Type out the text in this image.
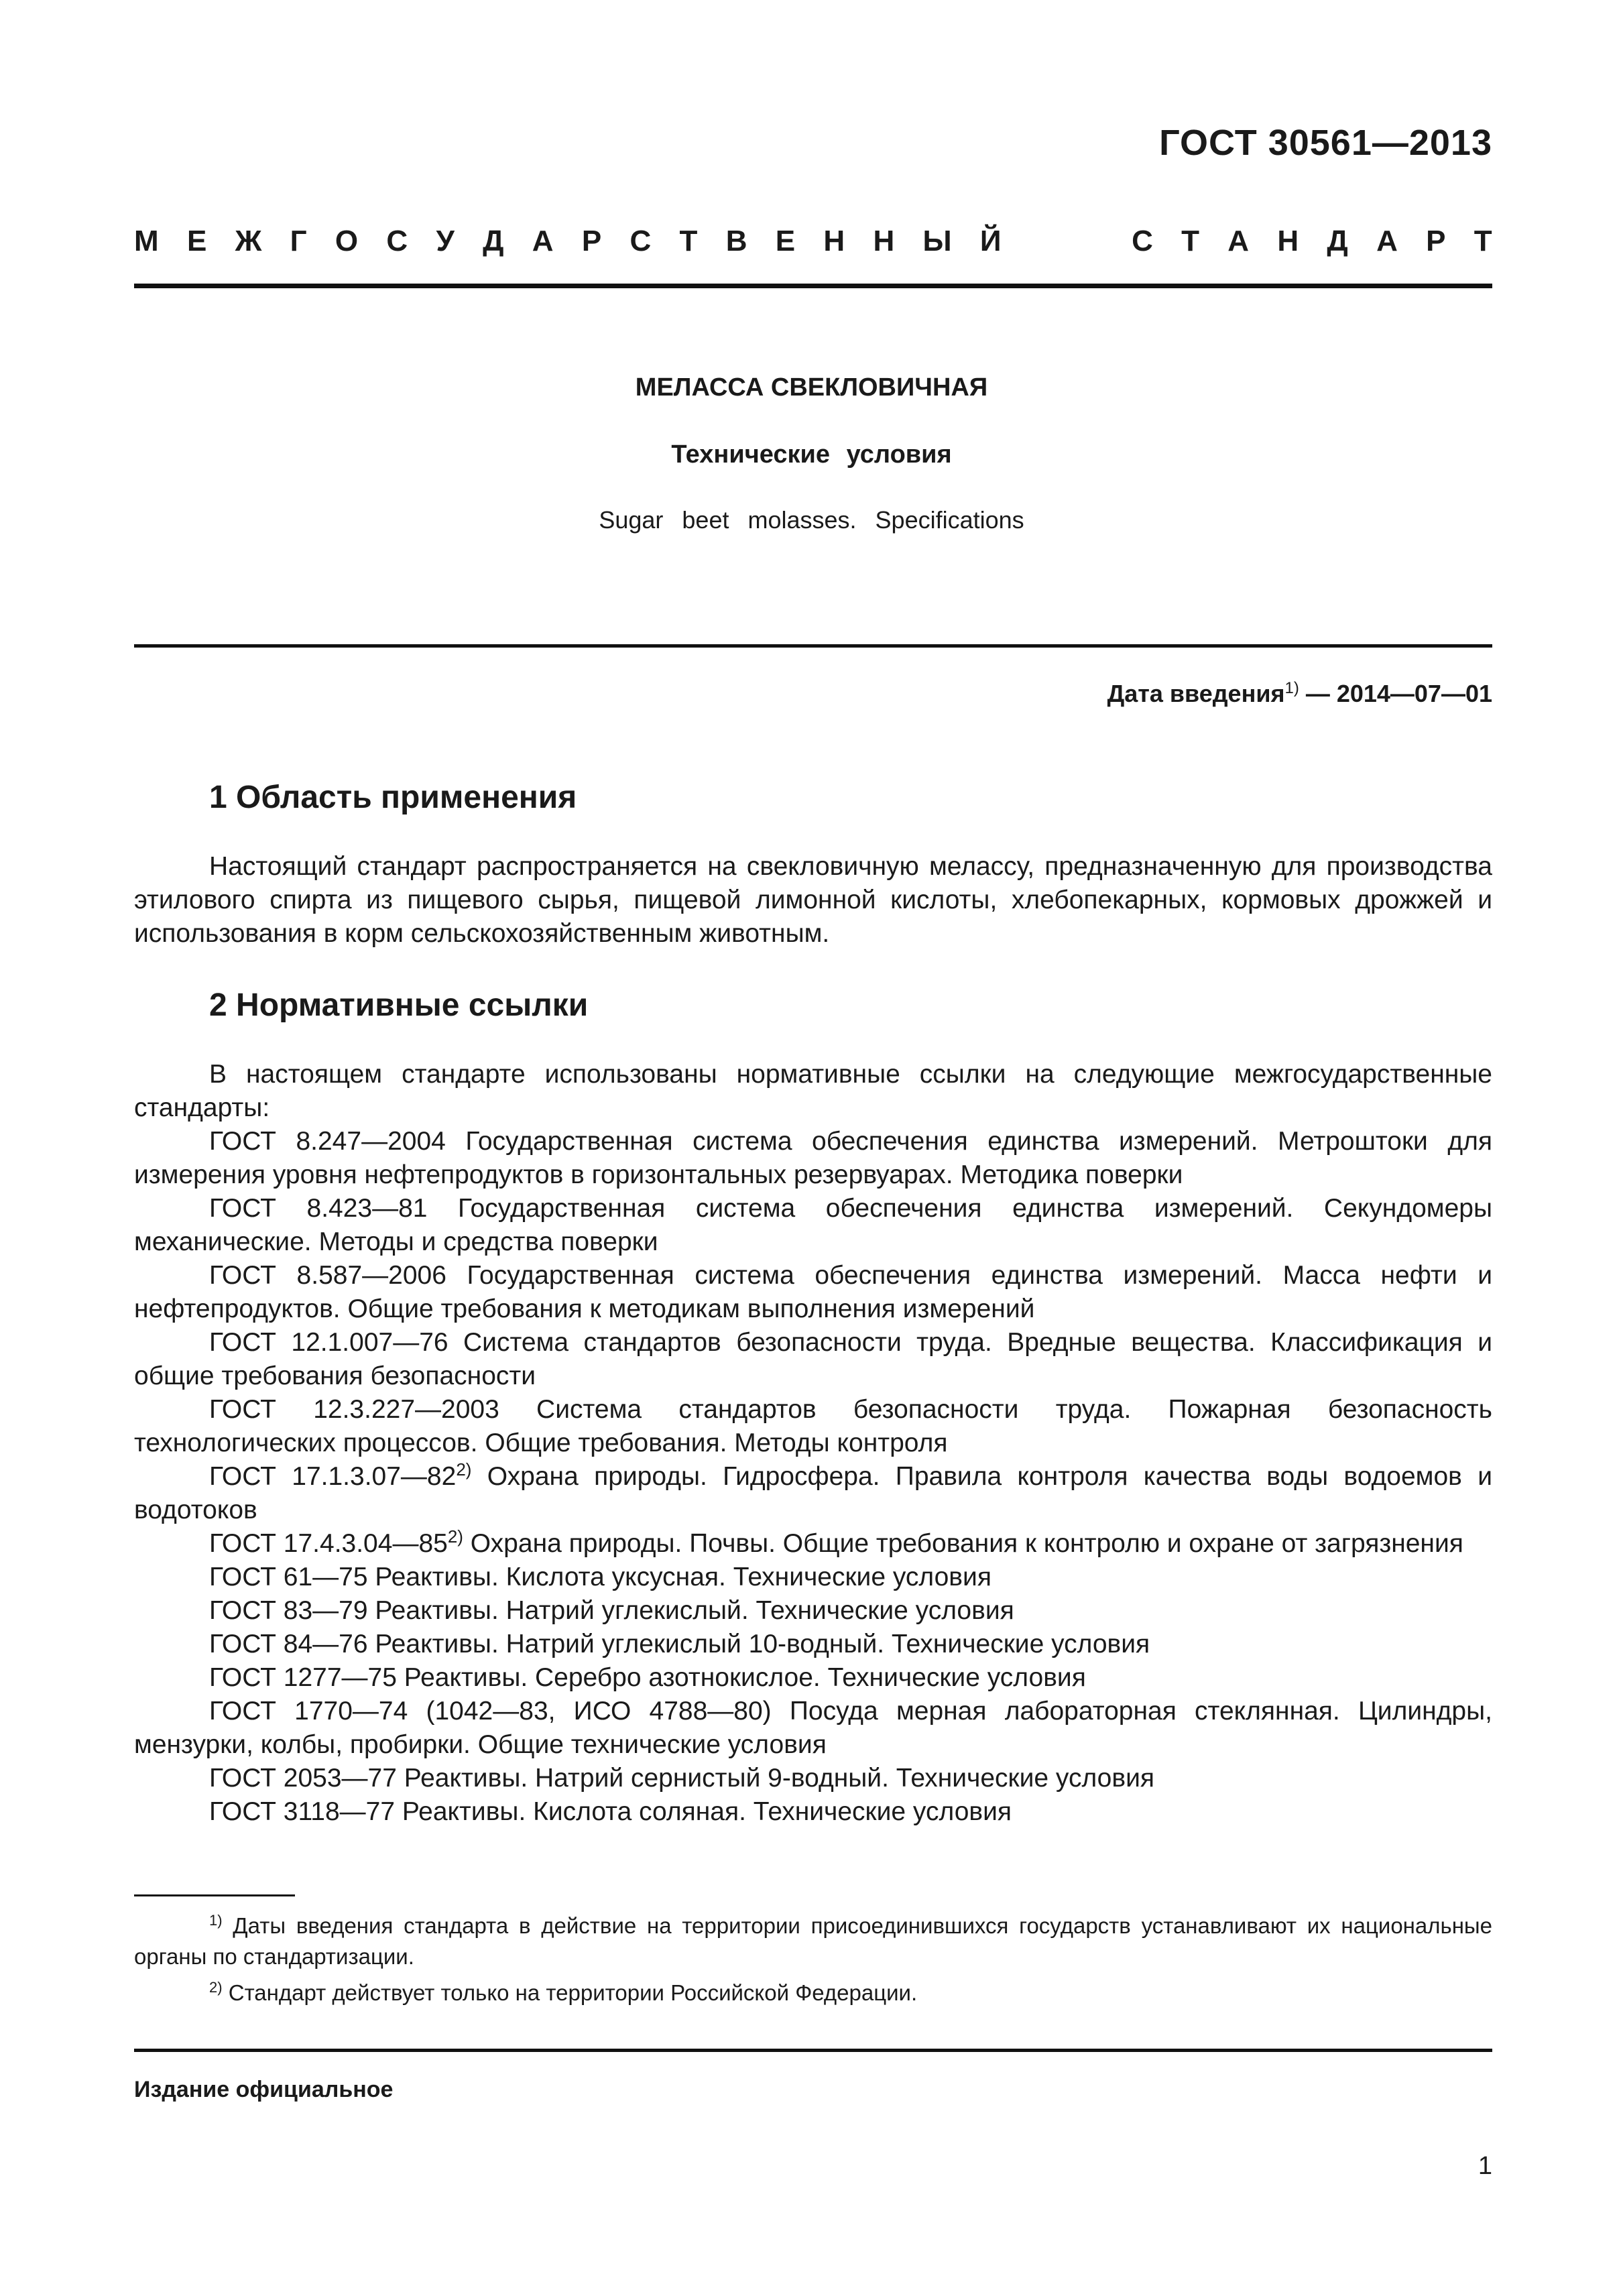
ГОСТ 30561—2013
М Е Ж Г О С У Д А Р С Т В Е Н Н Ы Й	С Т А Н Д А Р Т
МЕЛАССА СВЕКЛОВИЧНАЯ
Технические условия
Sugar beet molasses. Specifications
Дата введения$^{1)}$ — 2014—07—01
1 Область применения

Настоящий стандарт распространяется на свекловичную мелассу, предназначенную для производства этилового спирта из пищевого сырья, пищевой лимонной кислоты, хлебопекарных, кормовых дрожжей и использования в корм сельскохозяйственным животным.

2 Нормативные ссылки

В настоящем стандарте использованы нормативные ссылки на следующие межгосударственные стандарты:

ГОСТ 8.247—2004 Государственная система обеспечения единства измерений. Метроштоки для измерения уровня нефтепродуктов в горизонтальных резервуарах. Методика поверки

ГОСТ 8.423—81 Государственная система обеспечения единства измерений. Секундомеры механические. Методы и средства поверки

ГОСТ 8.587—2006 Государственная система обеспечения единства измерений. Масса нефти и нефтепродуктов. Общие требования к методикам выполнения измерений

ГОСТ 12.1.007—76 Система стандартов безопасности труда. Вредные вещества. Классификация и общие требования безопасности

ГОСТ 12.3.227—2003 Система стандартов безопасности труда. Пожарная безопасность технологических процессов. Общие требования. Методы контроля

ГОСТ 17.1.3.07—82$^{2)}$ Охрана природы. Гидросфера. Правила контроля качества воды водоемов и водотоков

ГОСТ 17.4.3.04—85$^{2)}$ Охрана природы. Почвы. Общие требования к контролю и охране от загрязнения

ГОСТ 61—75 Реактивы. Кислота уксусная. Технические условия

ГОСТ 83—79 Реактивы. Натрий углекислый. Технические условия

ГОСТ 84—76 Реактивы. Натрий углекислый 10-водный. Технические условия

ГОСТ 1277—75 Реактивы. Серебро азотнокислое. Технические условия

ГОСТ 1770—74 (1042—83, ИСО 4788—80) Посуда мерная лабораторная стеклянная. Цилиндры, мензурки, колбы, пробирки. Общие технические условия

ГОСТ 2053—77 Реактивы. Натрий сернистый 9-водный. Технические условия

ГОСТ 3118—77 Реактивы. Кислота соляная. Технические условия

$^{1)}$ Даты введения стандарта в действие на территории присоединившихся государств устанавливают их национальные органы по стандартизации.

$^{2)}$ Стандарт действует только на территории Российской Федерации.

Издание официальное
1
